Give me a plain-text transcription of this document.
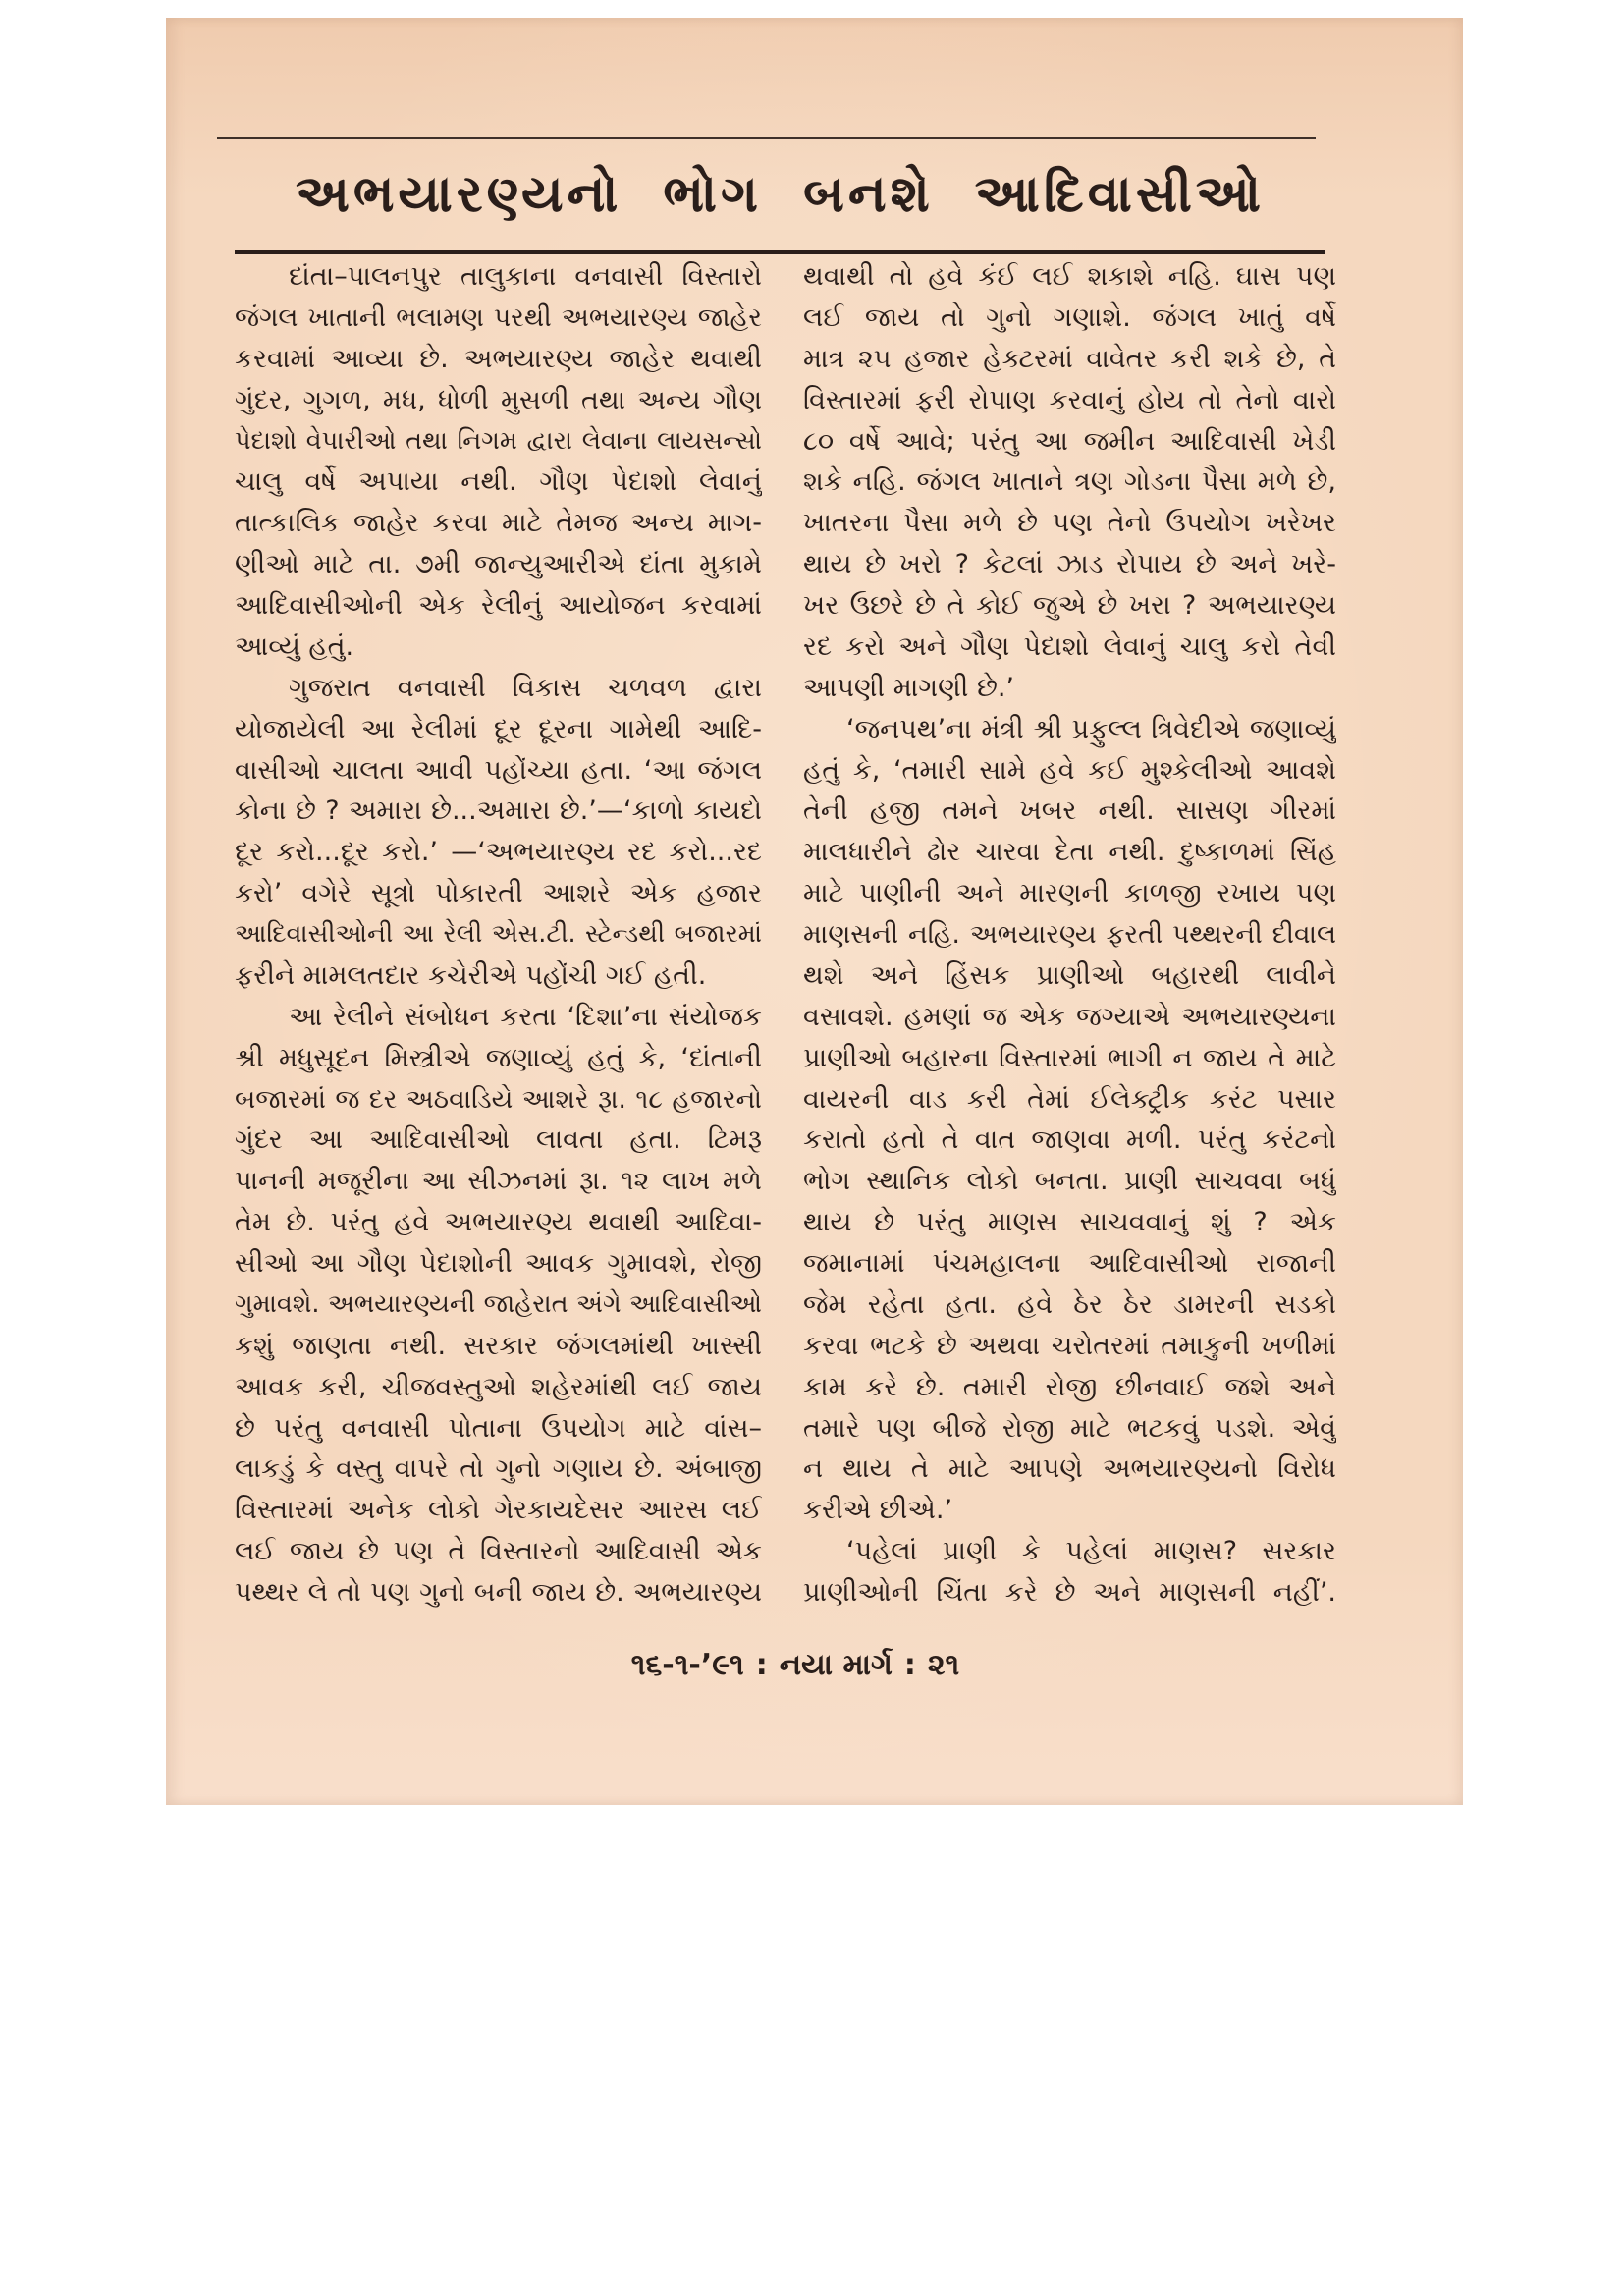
અભયારણ્યનો ભોગ બનશે આદિવાસીઓ
દાંતા–પાલનપુર તાલુકાના વનવાસી વિસ્તારો
જંગલ ખાતાની ભલામણ પરથી અભયારણ્ય જાહેર
કરવામાં આવ્યા છે. અભયારણ્ય જાહેર થવાથી
ગુંદર, ગુગળ, મધ, ધોળી મુસળી તથા અન્ય ગૌણ
પેદાશો વેપારીઓ તથા નિગમ દ્વારા લેવાના લાયસન્સો
ચાલુ વર્ષે અપાયા નથી. ગૌણ પેદાશો લેવાનું
તાત્કાલિક જાહેર કરવા માટે તેમજ અન્ય માગ-
ણીઓ માટે તા. ૭મી જાન્યુઆરીએ દાંતા મુકામે
આદિવાસીઓની એક રેલીનું આયોજન કરવામાં
આવ્યું હતું.
ગુજરાત વનવાસી વિકાસ ચળવળ દ્વારા
યોજાયેલી આ રેલીમાં દૂર દૂરના ગામેથી આદિ-
વાસીઓ ચાલતા આવી પહોંચ્યા હતા. ‘આ જંગલ
કોના છે ? અમારા છે...અમારા છે.’—‘કાળો કાયદો
દૂર કરો...દૂર કરો.’ —‘અભયારણ્ય રદ કરો...રદ
કરો’ વગેરે સૂત્રો પોકારતી આશરે એક હજાર
આદિવાસીઓની આ રેલી એસ.ટી. સ્ટેન્ડથી બજારમાં
ફરીને મામલતદાર કચેરીએ પહોંચી ગઈ હતી.
આ રેલીને સંબોધન કરતા ‘દિશા’ના સંયોજક
શ્રી મધુસૂદન મિસ્ત્રીએ જણાવ્યું હતું કે, ‘દાંતાની
બજારમાં જ દર અઠવાડિયે આશરે રૂા. ૧૮ હજારનો
ગુંદર આ આદિવાસીઓ લાવતા હતા. ટિમરૂ
પાનની મજૂરીના આ સીઝનમાં રૂા. ૧૨ લાખ મળે
તેમ છે. પરંતુ હવે અભયારણ્ય થવાથી આદિવા-
સીઓ આ ગૌણ પેદાશોની આવક ગુમાવશે, રોજી
ગુમાવશે. અભયારણ્યની જાહેરાત અંગે આદિવાસીઓ
કશું જાણતા નથી. સરકાર જંગલમાંથી ખાસ્સી
આવક કરી, ચીજવસ્તુઓ શહેરમાંથી લઈ જાય
છે પરંતુ વનવાસી પોતાના ઉપયોગ માટે વાંસ–
લાકડું કે વસ્તુ વાપરે તો ગુનો ગણાય છે. અંબાજી
વિસ્તારમાં અનેક લોકો ગેરકાયદેસર આરસ લઈ
લઈ જાય છે પણ તે વિસ્તારનો આદિવાસી એક
પથ્થર લે તો પણ ગુનો બની જાય છે. અભયારણ્ય
થવાથી તો હવે કંઈ લઈ શકાશે નહિ. ઘાસ પણ
લઈ જાય તો ગુનો ગણાશે. જંગલ ખાતું વર્ષે
માત્ર ૨૫ હજાર હેક્ટરમાં વાવેતર કરી શકે છે, તે
વિસ્તારમાં ફરી રોપાણ કરવાનું હોય તો તેનો વારો
૮૦ વર્ષે આવે; પરંતુ આ જમીન આદિવાસી ખેડી
શકે નહિ. જંગલ ખાતાને ત્રણ ગોડના પૈસા મળે છે,
ખાતરના પૈસા મળે છે પણ તેનો ઉપયોગ ખરેખર
થાય છે ખરો ? કેટલાં ઝાડ રોપાય છે અને ખરે-
ખર ઉછરે છે તે કોઈ જુએ છે ખરા ? અભયારણ્ય
રદ કરો અને ગૌણ પેદાશો લેવાનું ચાલુ કરો તેવી
આપણી માગણી છે.’
‘જનપથ’ના મંત્રી શ્રી પ્રફુલ્લ ત્રિવેદીએ જણાવ્યું
હતું કે, ‘તમારી સામે હવે કઈ મુશ્કેલીઓ આવશે
તેની હજી તમને ખબર નથી. સાસણ ગીરમાં
માલધારીને ઢોર ચારવા દેતા નથી. દુષ્કાળમાં સિંહ
માટે પાણીની અને મારણની કાળજી રખાય પણ
માણસની નહિ. અભયારણ્ય ફરતી પથ્થરની દીવાલ
થશે અને હિંસક પ્રાણીઓ બહારથી લાવીને
વસાવશે. હમણાં જ એક જગ્યાએ અભયારણ્યના
પ્રાણીઓ બહારના વિસ્તારમાં ભાગી ન જાય તે માટે
વાયરની વાડ કરી તેમાં ઈલેક્ટ્રીક કરંટ પસાર
કરાતો હતો તે વાત જાણવા મળી. પરંતુ કરંટનો
ભોગ સ્થાનિક લોકો બનતા. પ્રાણી સાચવવા બધું
થાય છે પરંતુ માણસ સાચવવાનું શું ? એક
જમાનામાં પંચમહાલના આદિવાસીઓ રાજાની
જેમ રહેતા હતા. હવે ઠેર ઠેર ડામરની સડકો
કરવા ભટકે છે અથવા ચરોતરમાં તમાકુની ખળીમાં
કામ કરે છે. તમારી રોજી છીનવાઈ જશે અને
તમારે પણ બીજે રોજી માટે ભટકવું પડશે. એવું
ન થાય તે માટે આપણે અભયારણ્યનો વિરોધ
કરીએ છીએ.’
‘પહેલાં પ્રાણી કે પહેલાં માણસ? સરકાર
પ્રાણીઓની ચિંતા કરે છે અને માણસની નહીં’.
૧૬-૧-’૯૧ : નયા માર્ગ : ૨૧
